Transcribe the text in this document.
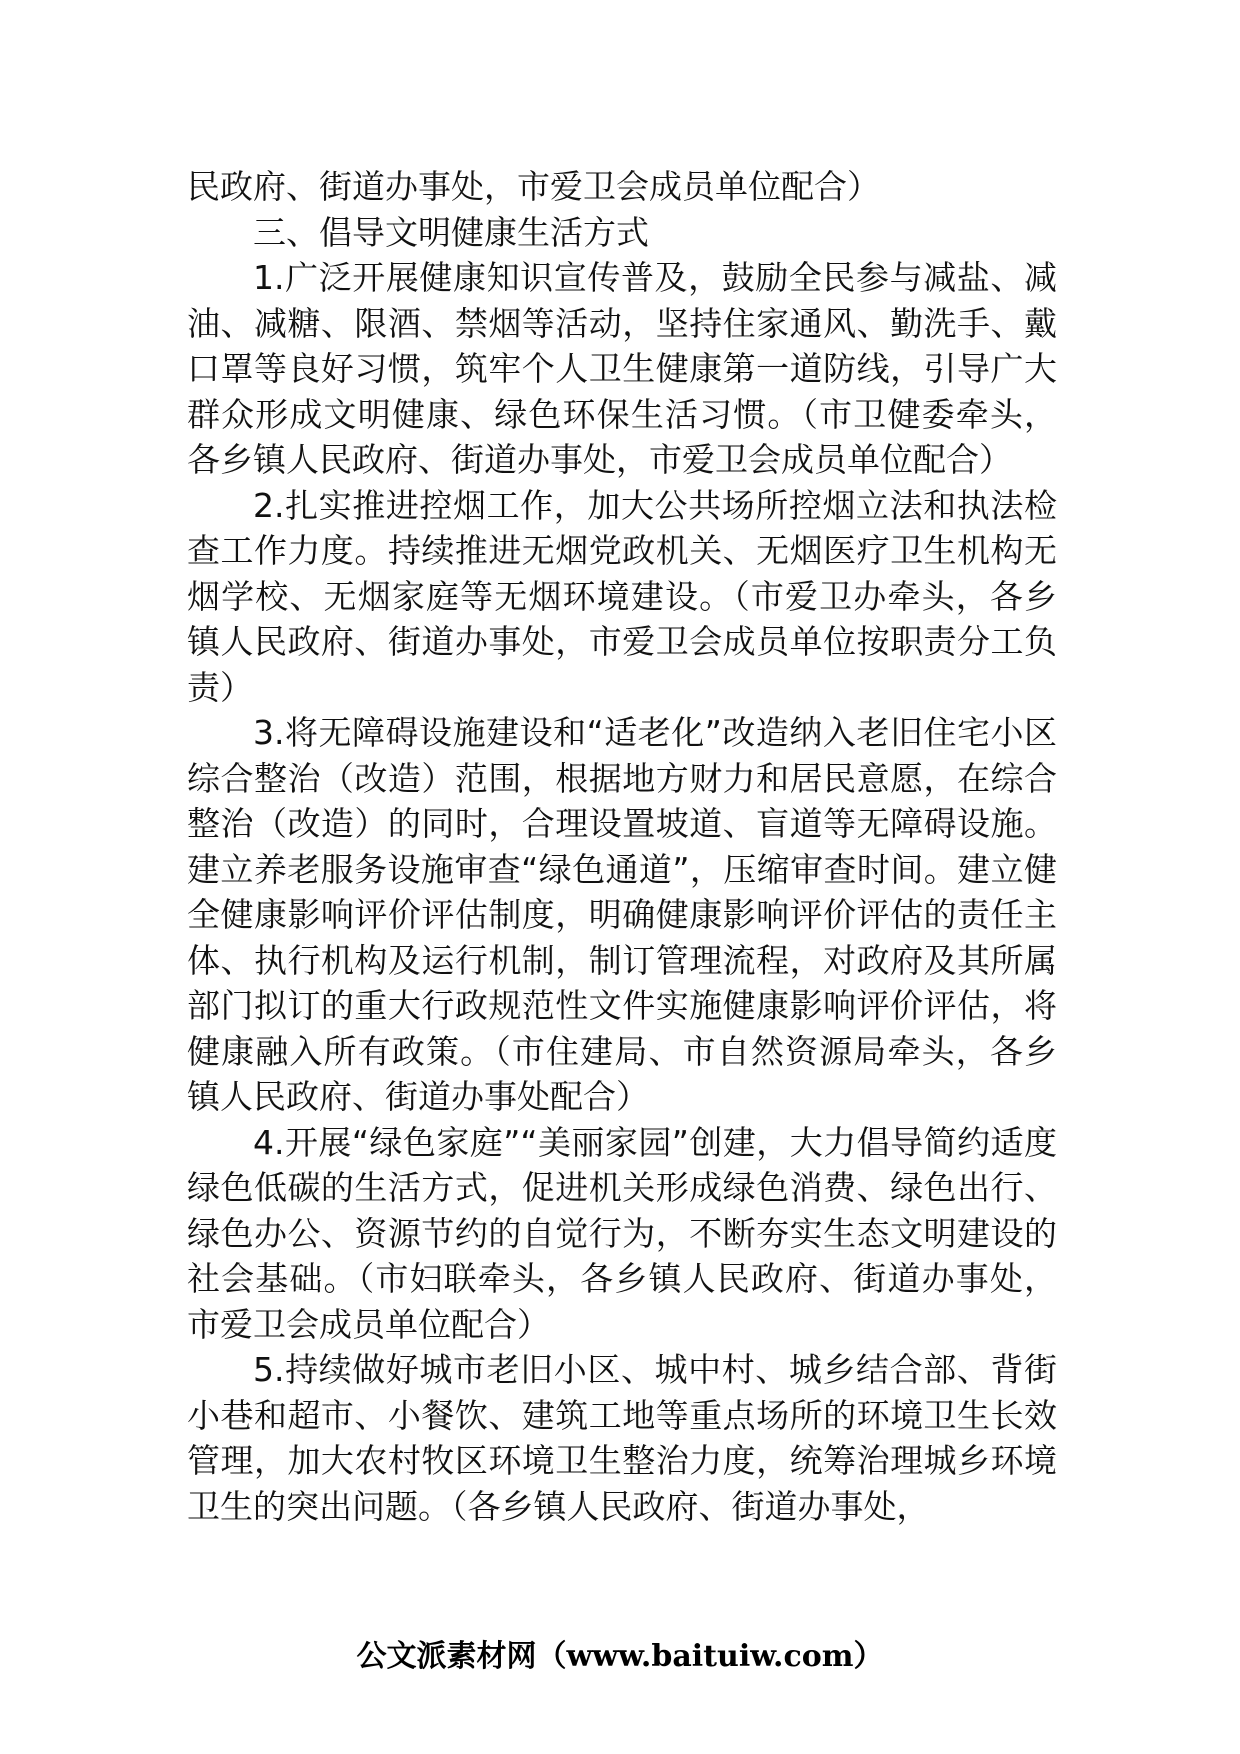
民政府、街道办事处，市爱卫会成员单位配合）

三、倡导文明健康生活方式

1.广泛开展健康知识宣传普及，鼓励全民参与减盐、减油、减糖、限酒、禁烟等活动，坚持住家通风、勤洗手、戴口罩等良好习惯，筑牢个人卫生健康第一道防线，引导广大群众形成文明健康、绿色环保生活习惯。（市卫健委牵头，各乡镇人民政府、街道办事处，市爱卫会成员单位配合）

2.扎实推进控烟工作，加大公共场所控烟立法和执法检查工作力度。持续推进无烟党政机关、无烟医疗卫生机构无烟学校、无烟家庭等无烟环境建设。（市爱卫办牵头，各乡镇人民政府、街道办事处，市爱卫会成员单位按职责分工负责）

3.将无障碍设施建设和“适老化”改造纳入老旧住宅小区综合整治（改造）范围，根据地方财力和居民意愿，在综合整治（改造）的同时，合理设置坡道、盲道等无障碍设施。建立养老服务设施审查“绿色通道”，压缩审查时间。建立健全健康影响评价评估制度，明确健康影响评价评估的责任主体、执行机构及运行机制，制订管理流程，对政府及其所属部门拟订的重大行政规范性文件实施健康影响评价评估，将健康融入所有政策。（市住建局、市自然资源局牵头，各乡镇人民政府、街道办事处配合）

4.开展“绿色家庭”“美丽家园”创建，大力倡导简约适度绿色低碳的生活方式，促进机关形成绿色消费、绿色出行、绿色办公、资源节约的自觉行为，不断夯实生态文明建设的社会基础。（市妇联牵头，各乡镇人民政府、街道办事处，市爱卫会成员单位配合）

5.持续做好城市老旧小区、城中村、城乡结合部、背街小巷和超市、小餐饮、建筑工地等重点场所的环境卫生长效管理，加大农村牧区环境卫生整治力度，统筹治理城乡环境卫生的突出问题。（各乡镇人民政府、街道办事处，

公文派素材网（www.baituiw.com）
